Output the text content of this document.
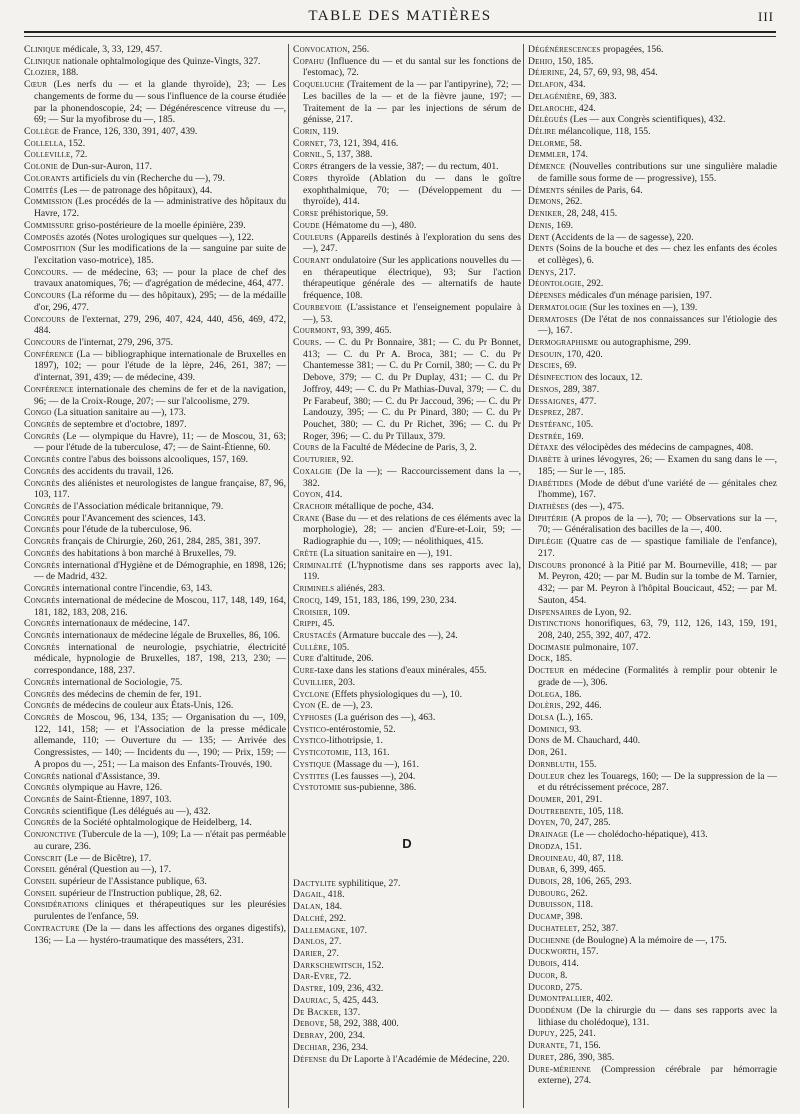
TABLE DES MATIÈRES	III

Clinique médicale, 3, 33, 129, 457.

Clinique nationale ophtalmologique des Quinze-Vingts, 327.

Clozier, 188.

Cœur (Les nerfs du — et la glande thyroïde), 23; — Les changements de forme du — sous l'influence de la course étudiée par la phonendoscopie, 24; — Dégénérescence vitreuse du —, 69; — Sur la myofibrose du —, 185.

Collège de France, 126, 330, 391, 407, 439.

Collella, 152.

Colleville, 72.

Colonie de Dun-sur-Auron, 117.

Colorants artificiels du vin (Recherche du —), 79.

Comités (Les — de patronage des hôpitaux), 44.

Commission (Les procédés de la — administrative des hôpitaux du Havre, 172.

Commissure griso-postérieure de la moelle épinière, 239.

Composés azotés (Notes urologiques sur quelques —), 122.

Composition (Sur les modifications de la — sanguine par suite de l'excitation vaso-motrice), 185.

Concours. — de médecine, 63; — pour la place de chef des travaux anatomiques, 76; — d'agrégation de médecine, 464, 477.

Concours (La réforme du — des hôpitaux), 295; — de la médaille d'or, 296, 477.

Concours de l'externat, 279, 296, 407, 424, 440, 456, 469, 472, 484.

Concours de l'internat, 279, 296, 375.

Conférence (La — bibliographique internationale de Bruxelles en 1897), 102; — pour l'étude de la lèpre, 246, 261, 387; — d'internat, 391, 439; — de médecine, 439.

Conférence internationale des chemins de fer et de la navigation, 96; — de la Croix-Rouge, 207; — sur l'alcoolisme, 279.

Congo (La situation sanitaire au —), 173.

Congrès de septembre et d'octobre, 1897.

Congrès (Le — olympique du Havre), 11; — de Moscou, 31, 63; — pour l'étude de la tuberculose, 47; — de Saint-Étienne, 60.

Congrès contre l'abus des boissons alcooliques, 157, 169.

Congrès des accidents du travail, 126.

Congrès des aliénistes et neurologistes de langue française, 87, 96, 103, 117.

Congrès de l'Association médicale britannique, 79.

Congrès pour l'Avancement des sciences, 143.

Congrès pour l'étude de la tuberculose, 96.

Congrès français de Chirurgie, 260, 261, 284, 285, 381, 397.

Congrès des habitations à bon marché à Bruxelles, 79.

Congrès international d'Hygiène et de Démographie, en 1898, 126; — de Madrid, 432.

Congrès international contre l'incendie, 63, 143.

Congrès international de médecine de Moscou, 117, 148, 149, 164, 181, 182, 183, 208, 216.

Congrès internationaux de médecine, 147.

Congrès internationaux de médecine légale de Bruxelles, 86, 106.

Congrès international de neurologie, psychiatrie, électricité médicale, hypnologie de Bruxelles, 187, 198, 213, 230; — correspondance, 188, 237.

Congrès international de Sociologie, 75.

Congrès des médecins de chemin de fer, 191.

Congrès de médecins de couleur aux États-Unis, 126.

Congrès de Moscou, 96, 134, 135; — Organisation du —, 109, 122, 141, 158; — et l'Association de la presse médicale allemande, 110; — Ouverture du — 135; — Arrivée des Congressistes, — 140; — Incidents du —, 190; — Prix, 159; — A propos du —, 251; — La maison des Enfants-Trouvés, 190.

Congrès national d'Assistance, 39.

Congrès olympique au Havre, 126.

Congrès de Saint-Étienne, 1897, 103.

Congrès scientifique (Les délégués au —), 432.

Congrès de la Société ophtalmologique de Heidelberg, 14.

Conjonctive (Tubercule de la —), 109; La — n'était pas perméable au curare, 236.

Conscrit (Le — de Bicêtre), 17.

Conseil général (Question au —), 17.

Conseil supérieur de l'Assistance publique, 63.

Conseil supérieur de l'Instruction publique, 28, 62.

Considérations cliniques et thérapeutiques sur les pleurésies purulentes de l'enfance, 59.

Contracture (De la — dans les affections des organes digestifs), 136; — La — hystéro-traumatique des masséters, 231.

Convocation, 256.

Copahu (Influence du — et du santal sur les fonctions de l'estomac), 72.

Coqueluche (Traitement de la — par l'antipyrine), 72; — Les bacilles de la — et de la fièvre jaune, 197; — Traitement de la — par les injections de sérum de génisse, 217.

Corin, 119.

Cornet, 73, 121, 394, 416.

Cornil, 5, 137, 388.

Corps étrangers de la vessie, 387; — du rectum, 401.

Corps thyroïde (Ablation du — dans le goître exophthalmique, 70; — (Développement du — thyroïde), 414.

Corse préhistorique, 59.

Coude (Hématome du —), 480.

Couleurs (Appareils destinés à l'exploration du sens des —), 247.

Courant ondulatoire (Sur les applications nouvelles du — en thérapeutique électrique), 93; Sur l'action thérapeutique générale des — alternatifs de haute fréquence, 108.

Courbevoie (L'assistance et l'enseignement populaire à —), 53.

Courmont, 93, 399, 465.

Cours. — C. du Pr Bonnaire, 381; — C. du Pr Bonnet, 413; — C. du Pr A. Broca, 381; — C. du Pr Chantemesse 381; — C. du Pr Cornil, 380; — C. du Pr Debove, 379; — C. du Pr Duplay, 431; — C. du Pr Joffroy, 449; — C. du Pr Mathias-Duval, 379; — C. du Pr Farabeuf, 380; — C. du Pr Jaccoud, 396; — C. du Pr Landouzy, 395; — C. du Pr Pinard, 380; — C. du Pr Pouchet, 380; — C. du Pr Richet, 396; — C. du Pr Roger, 396; — C. du Pr Tillaux, 379.

Cours de la Faculté de Médecine de Paris, 3, 2.

Couturier, 92.

Coxalgie (De la —); — Raccourcissement dans la —, 382.

Coyon, 414.

Crachoir métallique de poche, 434.

Crane (Base du — et des relations de ces éléments avec la morphologie), 28; — ancien d'Eure-et-Loir, 59; — Radiographie du —, 109; — néolithiques, 415.

Crète (La situation sanitaire en —), 191.

Criminalité (L'hypnotisme dans ses rapports avec la), 119.

Criminels aliénés, 283.

Crocq, 149, 151, 183, 186, 199, 230, 234.

Croisier, 109.

Crippi, 45.

Crustacés (Armature buccale des —), 24.

Cullère, 105.

Cure d'altitude, 206.

Cure-taxe dans les stations d'eaux minérales, 455.

Cuvillier, 203.

Cyclone (Effets physiologiques du —), 10.

Cyon (E. de —), 23.

Cyphoses (La guérison des —), 463.

Cystico-entérostomie, 52.

Cystico-lithotripsie, 1.

Cysticotomie, 113, 161.

Cystique (Massage du —), 161.

Cystites (Les fausses —), 204.

Cystotomie sus-pubienne, 386.

D

Dactylite syphilitique, 27.

Dagail, 418.

Dalan, 184.

Dalché, 292.

Dallemagne, 107.

Danlos, 27.

Darier, 27.

Darkschewitsch, 152.

Dar-Evre, 72.

Dastre, 109, 236, 432.

Dauriac, 5, 425, 443.

De Backer, 137.

Debove, 58, 292, 388, 400.

Debray, 200, 234.

Dechiar, 236, 234.

Défense du Dr Laporte à l'Académie de Médecine, 220.

Dégénérescences propagées, 156.

Dehio, 150, 185.

Déjerine, 24, 57, 69, 93, 98, 454.

Delafon, 434.

Delagénière, 69, 383.

Delaroche, 424.

Délégués (Les — aux Congrès scientifiques), 432.

Délire mélancolique, 118, 155.

Delorme, 58.

Demmler, 174.

Démence (Nouvelles contributions sur une singulière maladie de famille sous forme de — progressive), 155.

Déments séniles de Paris, 64.

Demons, 262.

Deniker, 28, 248, 415.

Denis, 169.

Dent (Accidents de la — de sagesse), 220.

Dents (Soins de la bouche et des — chez les enfants des écoles et collèges), 6.

Denys, 217.

Déontologie, 292.

Dépenses médicales d'un ménage parisien, 197.

Dermatologie (Sur les toxines en —), 139.

Dermatoses (De l'état de nos connaissances sur l'étiologie des —), 167.

Dermographisme ou autographisme, 299.

Desouin, 170, 420.

Descies, 69.

Désinfection des locaux, 12.

Desnos, 289, 387.

Dessaignes, 477.

Desprez, 287.

Destéfanc, 105.

Destrée, 169.

Détaxe des vélocipèdes des médecins de campagnes, 408.

Diabète à urines lévogyres, 26; — Examen du sang dans le —, 185; — Sur le —, 185.

Diabétides (Mode de début d'une variété de — génitales chez l'homme), 167.

Diathèses (des —), 475.

Diphtérie (A propos de la —), 70; — Observations sur la —, 70; — Généralisation des bacilles de la —, 400.

Diplégie (Quatre cas de — spastique familiale de l'enfance), 217.

Discours prononcé à la Pitié par M. Bourneville, 418; — par M. Peyron, 420; — par M. Budin sur la tombe de M. Tarnier, 432; — par M. Peyron à l'hôpital Boucicaut, 452; — par M. Sauton, 454.

Dispensaires de Lyon, 92.

Distinctions honorifiques, 63, 79, 112, 126, 143, 159, 191, 208, 240, 255, 392, 407, 472.

Docimasie pulmonaire, 107.

Dock, 185.

Docteur en médecine (Formalités à remplir pour obtenir le grade de —), 306.

Dolega, 186.

Dolèris, 292, 446.

Dolsa (L.), 165.

Dominici, 93.

Dons de M. Chauchard, 440.

Dor, 261.

Dornbluth, 155.

Douleur chez les Touaregs, 160; — De la suppression de la — et du rétrécissement précoce, 287.

Doumer, 201, 291.

Doutrebente, 105, 118.

Doyen, 70, 247, 285.

Drainage (Le — cholédocho-hépatique), 413.

Drodza, 151.

Drouineau, 40, 87, 118.

Dubar, 6, 399, 465.

Dubois, 28, 106, 265, 293.

Dubourg, 262.

Dubuisson, 118.

Ducamp, 398.

Duchatelet, 252, 387.

Duchenne (de Boulogne) A la mémoire de —, 175.

Duckworth, 157.

Dubois, 414.

Ducor, 8.

Ducord, 275.

Dumontpallier, 402.

Duodénum (De la chirurgie du — dans ses rapports avec la lithiase du cholédoque), 131.

Dupuy, 225, 241.

Durante, 71, 156.

Duret, 286, 390, 385.

Dure-mérienne (Compression cérébrale par hémorragie externe), 274.
